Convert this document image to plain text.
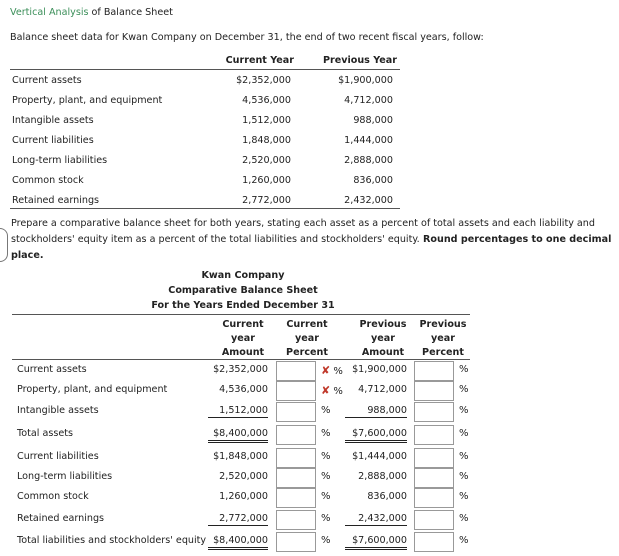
Vertical Analysis of Balance Sheet
Balance sheet data for Kwan Company on December 31, the end of two recent fiscal years, follow:
Current Year	Previous Year
Current assets	$2,352,000	$1,900,000
Property, plant, and equipment	4,536,000	4,712,000
Intangible assets	1,512,000	988,000
Current liabilities	1,848,000	1,444,000
Long-term liabilities	2,520,000	2,888,000
Common stock	1,260,000	836,000
Retained earnings	2,772,000	2,432,000
Prepare a comparative balance sheet for both years, stating each asset as a percent of total assets and each liability and
stockholders' equity item as a percent of the total liabilities and stockholders' equity. Round percentages to one decimal
place.
Kwan Company
Comparative Balance Sheet
For the Years Ended December 31
Current
year
Amount
Current
year
Percent
Previous
year
Amount
Previous
year
Percent
Current assets	$2,352,000	✘ % $1,900,000	%
Property, plant, and equipment	4,536,000	✘ %	4,712,000	%
Intangible assets	1,512,000	%	988,000	%
Total assets	$8,400,000	%	$7,600,000	%
Current liabilities	$1,848,000	%	$1,444,000	%
Long-term liabilities	2,520,000	%	2,888,000	%
Common stock	1,260,000	%	836,000	%
Retained earnings	2,772,000	%	2,432,000	%
Total liabilities and stockholders' equity $8,400,000	%	$7,600,000	%
